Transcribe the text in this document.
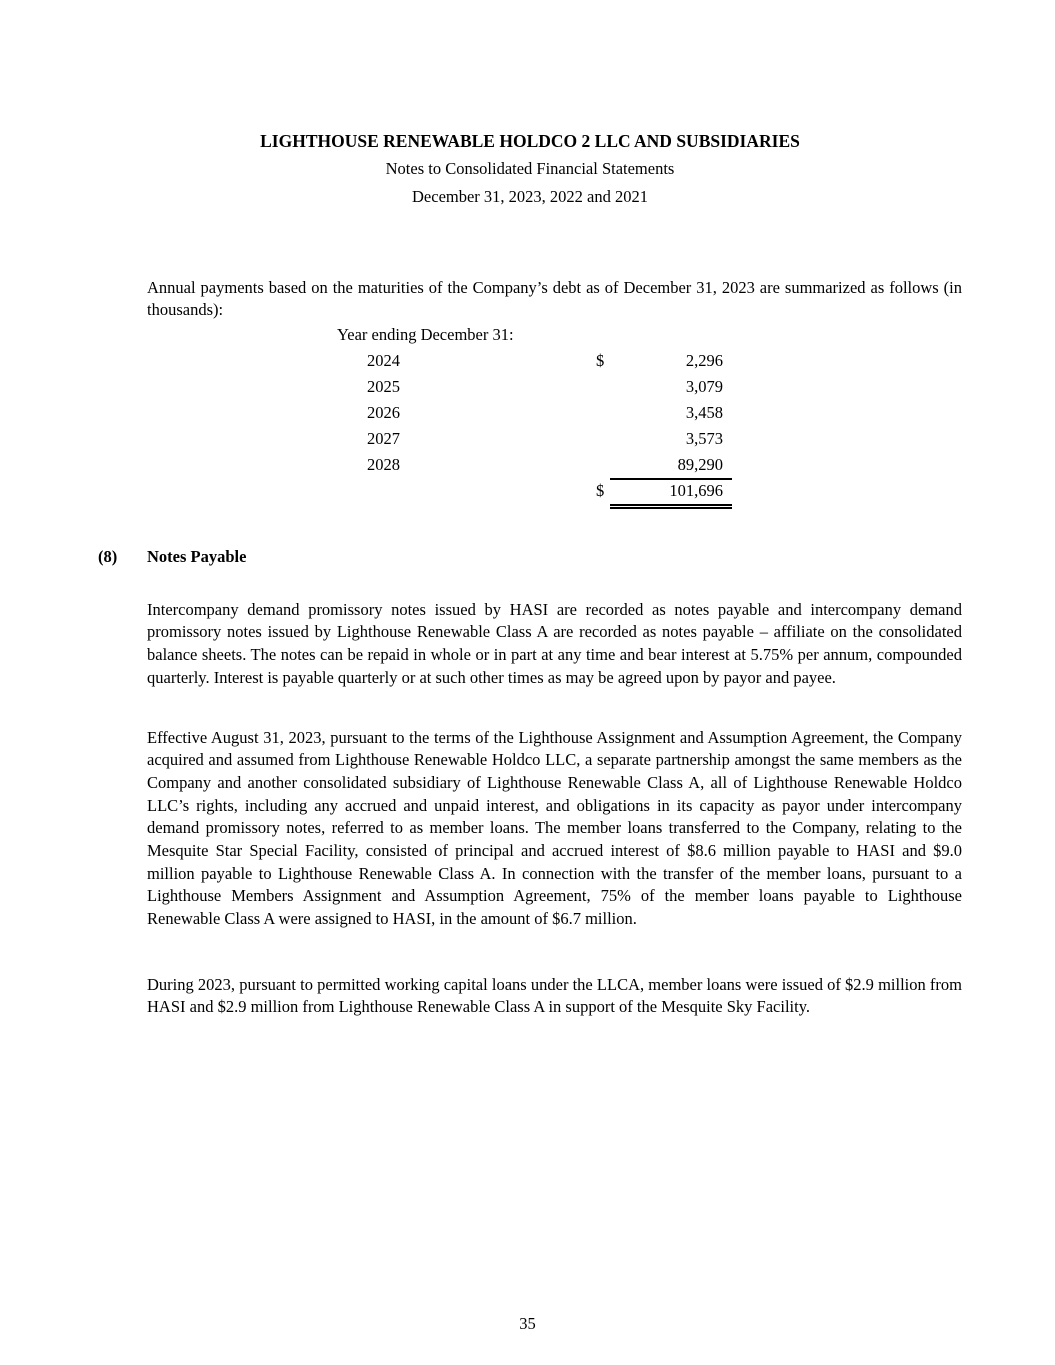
LIGHTHOUSE RENEWABLE HOLDCO 2 LLC AND SUBSIDIARIES
Notes to Consolidated Financial Statements
December 31, 2023, 2022 and 2021

Annual payments based on the maturities of the Company’s debt as of December 31, 2023 are summarized as follows (in thousands):

Year ending December 31:
2024	$	2,296
2025	3,079
2026	3,458
2027	3,573
2028	89,290
$	101,696
(8) Notes Payable

Intercompany demand promissory notes issued by HASI are recorded as notes payable and intercompany demand promissory notes issued by Lighthouse Renewable Class A are recorded as notes payable – affiliate on the consolidated balance sheets. The notes can be repaid in whole or in part at any time and bear interest at 5.75% per annum, compounded quarterly. Interest is payable quarterly or at such other times as may be agreed upon by payor and payee.

Effective August 31, 2023, pursuant to the terms of the Lighthouse Assignment and Assumption Agreement, the Company acquired and assumed from Lighthouse Renewable Holdco LLC, a separate partnership amongst the same members as the Company and another consolidated subsidiary of Lighthouse Renewable Class A, all of Lighthouse Renewable Holdco LLC’s rights, including any accrued and unpaid interest, and obligations in its capacity as payor under intercompany demand promissory notes, referred to as member loans. The member loans transferred to the Company, relating to the Mesquite Star Special Facility, consisted of principal and accrued interest of $8.6 million payable to HASI and $9.0 million payable to Lighthouse Renewable Class A. In connection with the transfer of the member loans, pursuant to a Lighthouse Members Assignment and Assumption Agreement, 75% of the member loans payable to Lighthouse Renewable Class A were assigned to HASI, in the amount of $6.7 million.

During 2023, pursuant to permitted working capital loans under the LLCA, member loans were issued of $2.9 million from HASI and $2.9 million from Lighthouse Renewable Class A in support of the Mesquite Sky Facility.

35
